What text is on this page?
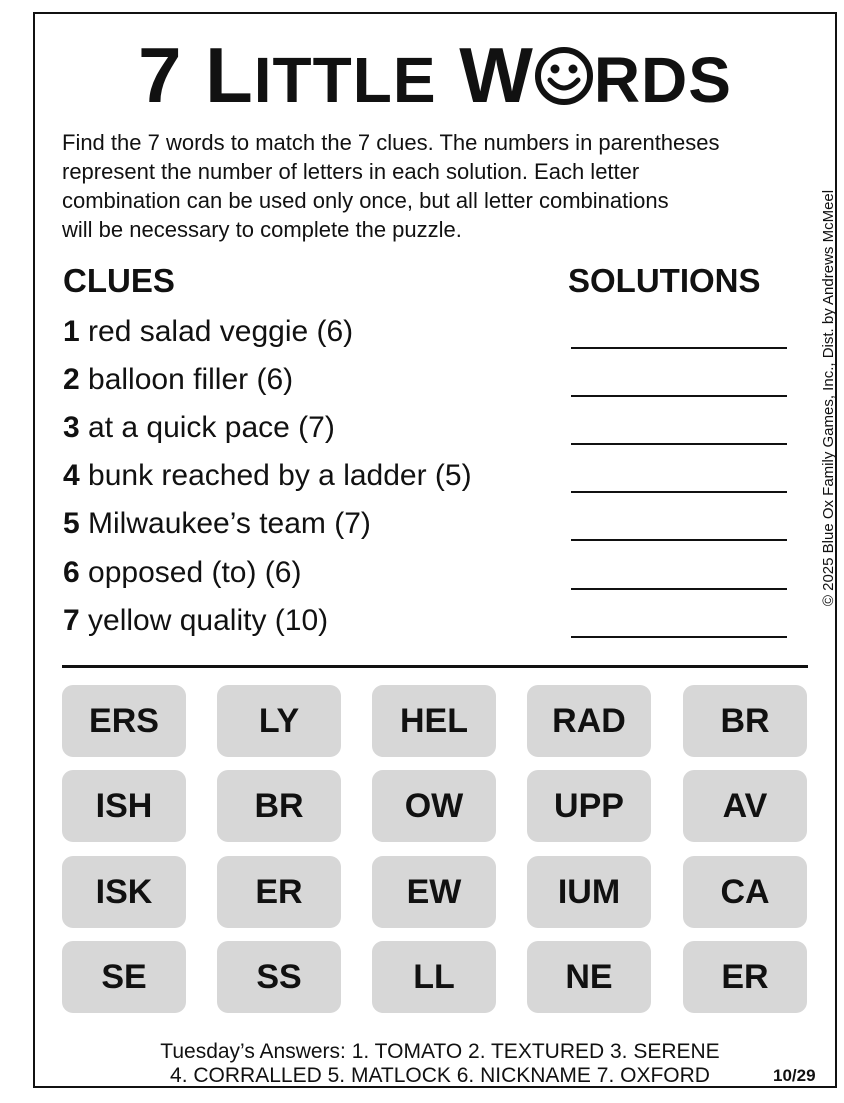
7 LITTLE W RDS
Find the 7 words to match the 7 clues. The numbers in parentheses
represent the number of letters in each solution. Each letter
combination can be used only once, but all letter combinations
will be necessary to complete the puzzle.	© 2025 Blue Ox Family Games, Inc., Dist. by Andrews McMeel
CLUES	SOLUTIONS
1 red salad veggie (6)
2 balloon filler (6)
3 at a quick pace (7)
4 bunk reached by a ladder (5)
5 Milwaukee’s team (7)
6 opposed (to) (6)
7 yellow quality (10)
ERS	LY	HEL	RAD	BR
ISH	BR	OW	UPP	AV
ISK	ER	EW	IUM	CA
SE	SS	LL	NE	ER
Tuesday’s Answers: 1. TOMATO 2. TEXTURED 3. SERENE
4. CORRALLED 5. MATLOCK 6. NICKNAME 7. OXFORD	10/29
